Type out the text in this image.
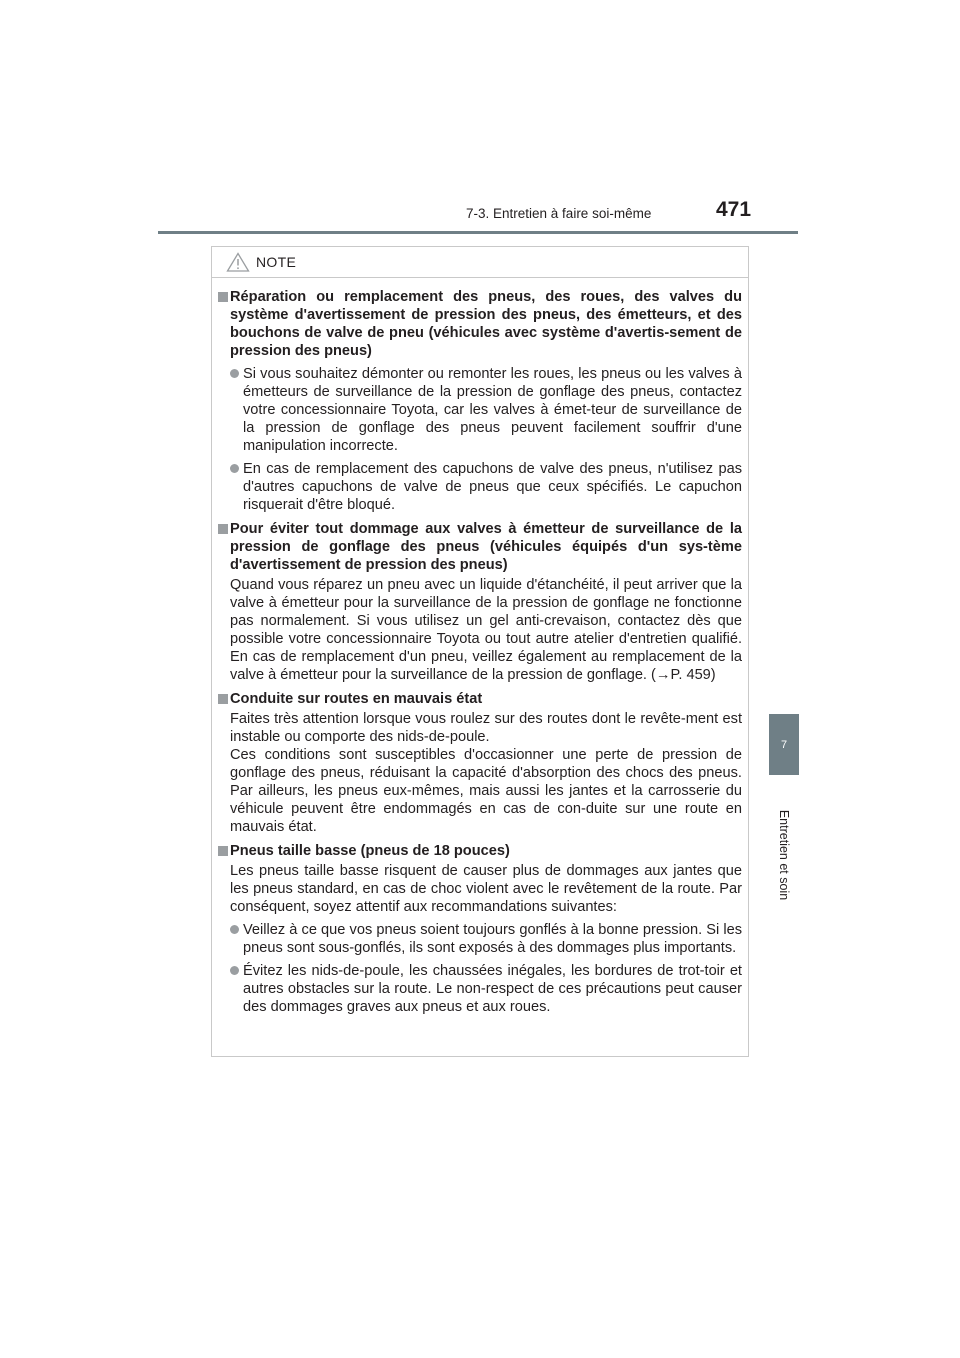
7-3. Entretien à faire soi-même	471
7
Entretien et soin
NOTE
Réparation ou remplacement des pneus, des roues, des valves du système d'avertissement de pression des pneus, des émetteurs, et des bouchons de valve de pneu (véhicules avec système d'avertis-sement de pression des pneus)
Si vous souhaitez démonter ou remonter les roues, les pneus ou les valves à émetteurs de surveillance de la pression de gonflage des pneus, contactez votre concessionnaire Toyota, car les valves à émet-teur de surveillance de la pression de gonflage des pneus peuvent facilement souffrir d'une manipulation incorrecte.
En cas de remplacement des capuchons de valve des pneus, n'utilisez pas d'autres capuchons de valve de pneus que ceux spécifiés. Le capuchon risquerait d'être bloqué.
Pour éviter tout dommage aux valves à émetteur de surveillance de la pression de gonflage des pneus (véhicules équipés d'un sys-tème d'avertissement de pression des pneus)
Quand vous réparez un pneu avec un liquide d'étanchéité, il peut arriver que la valve à émetteur pour la surveillance de la pression de gonflage ne fonctionne pas normalement. Si vous utilisez un gel anti-crevaison, contactez dès que possible votre concessionnaire Toyota ou tout autre atelier d'entretien qualifié. En cas de remplacement d'un pneu, veillez également au remplacement de la valve à émetteur pour la surveillance de la pression de gonflage. (→P. 459)
Conduite sur routes en mauvais état
Faites très attention lorsque vous roulez sur des routes dont le revête-ment est instable ou comporte des nids-de-poule.
Ces conditions sont susceptibles d'occasionner une perte de pression de gonflage des pneus, réduisant la capacité d'absorption des chocs des pneus. Par ailleurs, les pneus eux-mêmes, mais aussi les jantes et la carrosserie du véhicule peuvent être endommagés en cas de con-duite sur une route en mauvais état.
Pneus taille basse (pneus de 18 pouces)
Les pneus taille basse risquent de causer plus de dommages aux jantes que les pneus standard, en cas de choc violent avec le revêtement de la route. Par conséquent, soyez attentif aux recommandations suivantes:
Veillez à ce que vos pneus soient toujours gonflés à la bonne pression. Si les pneus sont sous-gonflés, ils sont exposés à des dommages plus importants.
Évitez les nids-de-poule, les chaussées inégales, les bordures de trot-toir et autres obstacles sur la route. Le non-respect de ces précautions peut causer des dommages graves aux pneus et aux roues.
